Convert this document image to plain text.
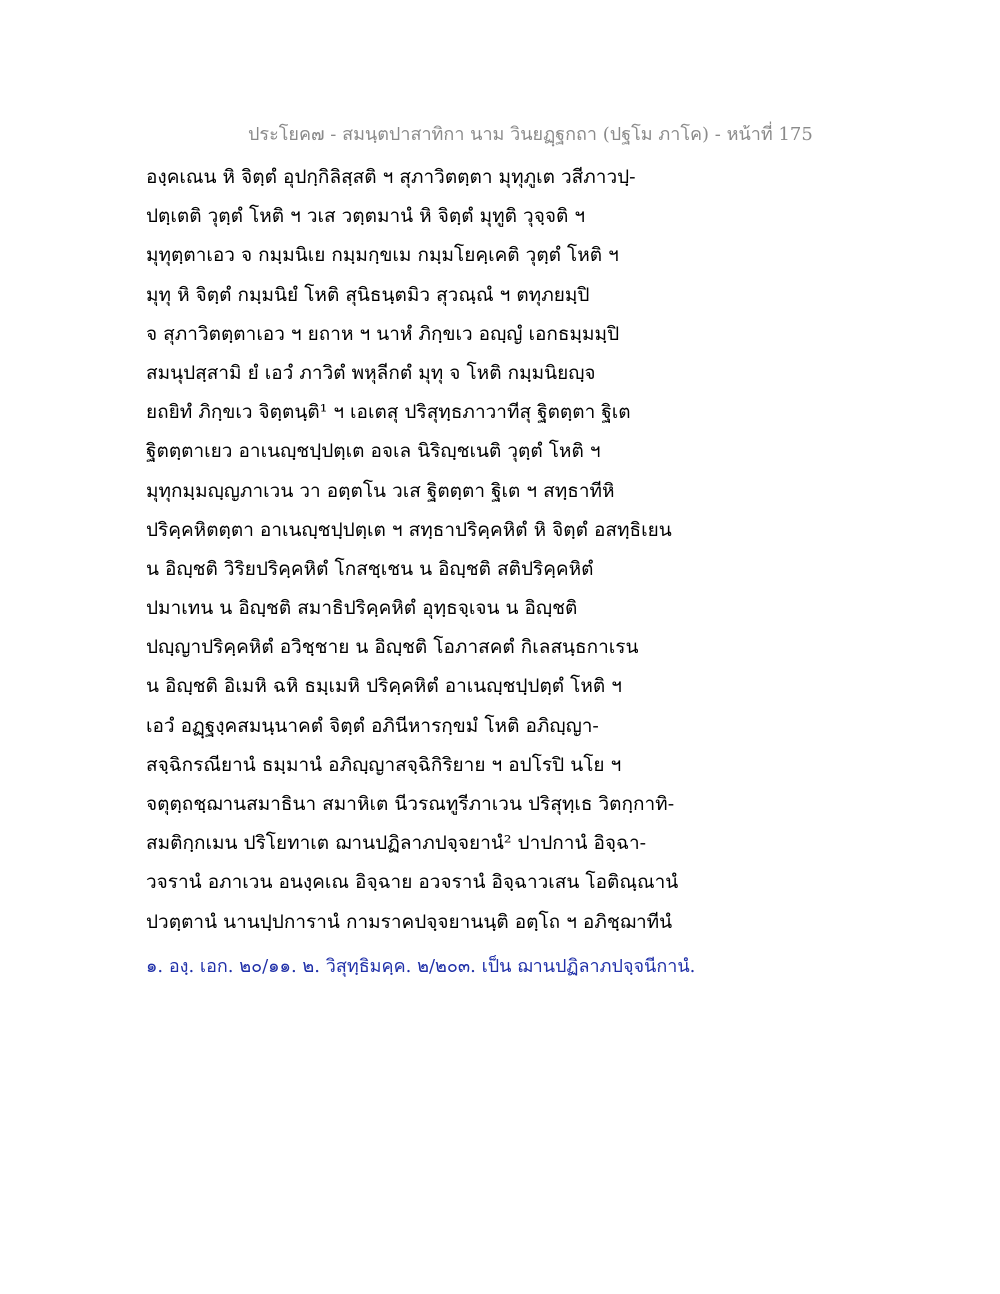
ประโยค๗ - สมนฺตปาสาทิกา นาม วินยฏฺฐกถา (ปฐโม ภาโค) - หน้าที่ 175
องฺคเณน หิ จิตฺตํ อุปกฺกิลิสฺสติ ฯ สุภาวิตตฺตา มุทุภูเต วสีภาวปฺ-
ปตฺเตติ วุตฺตํ โหติ ฯ วเส วตฺตมานํ หิ จิตฺตํ มุทูติ วุจฺจติ ฯ
มุทุตฺตาเอว จ กมฺมนิเย กมฺมกฺขเม กมฺมโยคฺเคติ วุตฺตํ โหติ ฯ
มุทุ หิ จิตฺตํ กมฺมนิยํ โหติ สุนิธนฺตมิว สุวณฺณํ ฯ ตทุภยมฺปิ
จ สุภาวิตตฺตาเอว ฯ ยถาห ฯ นาหํ ภิกฺขเว อญฺญํ เอกธมฺมมฺปิ
สมนุปสฺสามิ ยํ เอวํ ภาวิตํ พหุลีกตํ มุทุ จ โหติ กมฺมนิยญฺจ
ยถยิทํ ภิกฺขเว จิตฺตนฺติ¹ ฯ เอเตสุ ปริสุทฺธภาวาทีสุ ฐิตตฺตา ฐิเต
ฐิตตฺตาเยว อาเนญฺชปฺปตฺเต อจเล นิริญฺชเนติ วุตฺตํ โหติ ฯ
มุทุกมฺมญฺญภาเวน วา อตฺตโน วเส ฐิตตฺตา ฐิเต ฯ สทฺธาทีหิ
ปริคฺคหิตตฺตา อาเนญฺชปฺปตฺเต ฯ สทฺธาปริคฺคหิตํ หิ จิตฺตํ อสทฺธิเยน
น อิญฺชติ วิริยปริคฺคหิตํ โกสชฺเชน น อิญฺชติ สติปริคฺคหิตํ
ปมาเทน น อิญฺชติ สมาธิปริคฺคหิตํ อุทฺธจฺเจน น อิญฺชติ
ปญฺญาปริคฺคหิตํ อวิชฺชาย น อิญฺชติ โอภาสคตํ กิเลสนฺธกาเรน
น อิญฺชติ อิเมหิ ฉหิ ธมฺเมหิ ปริคฺคหิตํ อาเนญฺชปฺปตฺตํ โหติ ฯ
เอวํ อฏฺฐงฺคสมนฺนาคตํ จิตฺตํ อภินีหารกฺขมํ โหติ อภิญฺญา-
สจฺฉิกรณียานํ ธมฺมานํ อภิญฺญาสจฺฉิกิริยาย ฯ อปโรปิ นโย ฯ
จตุตฺถชฺฌานสมาธินา สมาหิเต นีวรณทูรีภาเวน ปริสุทฺเธ วิตกฺกาทิ-
สมติกฺกเมน ปริโยทาเต ฌานปฏิลาภปจฺจยานํ² ปาปกานํ อิจฺฉา-
วจรานํ อภาเวน อนงฺคเณ อิจฺฉาย อวจรานํ อิจฺฉาวเสน โอติณฺณานํ
ปวตฺตานํ นานปฺปการานํ กามราคปจฺจยานนฺติ อตฺโถ ฯ อภิชฺฌาทีนํ
๑. องฺ. เอก. ๒๐/๑๑. ๒. วิสุทฺธิมคฺค. ๒/๒๐๓. เป็น ฌานปฏิลาภปจฺจนีกานํ.
